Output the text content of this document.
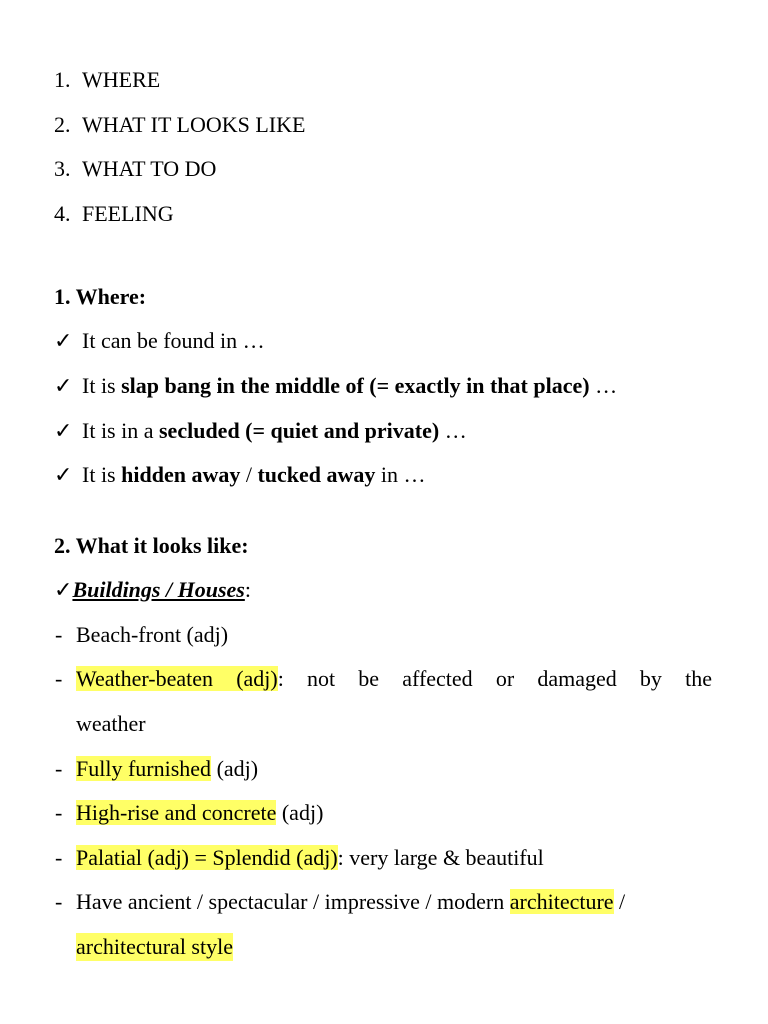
1. WHERE
2. WHAT IT LOOKS LIKE
3. WHAT TO DO
4. FEELING
1. Where:
✓ It can be found in …
✓ It is slap bang in the middle of (= exactly in that place) …
✓ It is in a secluded (= quiet and private) …
✓ It is hidden away / tucked away in …
2. What it looks like:
✓Buildings / Houses:
- Beach-front (adj)
- Weather-beaten (adj): not be affected or damaged by the
weather
- Fully furnished (adj)
- High-rise and concrete (adj)
- Palatial (adj) = Splendid (adj): very large & beautiful
- Have ancient / spectacular / impressive / modern architecture /
architectural style
